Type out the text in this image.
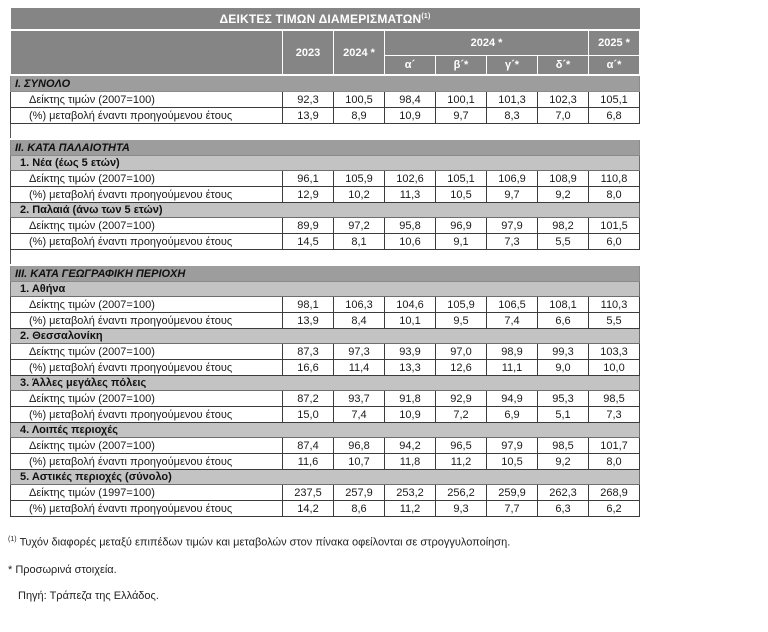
ΔΕΙΚΤΕΣ ΤΙΜΩΝ ΔΙΑΜΕΡΙΣΜΑΤΩΝ$^{(1)}$
	2023	2024 *	2024 *				2025 *
			α´	β´*	γ´*	δ´*	α´*
I. ΣΥΝΟΛΟ							
Δείκτης τιμών (2007=100)	92,3	100,5	98,4	100,1	101,3	102,3	105,1
(%) μεταβολή έναντι προηγούμενου έτους	13,9	8,9	10,9	9,7	8,3	7,0	6,8

II. ΚΑΤΑ ΠΑΛΑΙΟΤΗΤΑ							
1. Νέα (έως 5 ετών)							
Δείκτης τιμών (2007=100)	96,1	105,9	102,6	105,1	106,9	108,9	110,8
(%) μεταβολή έναντι προηγούμενου έτους	12,9	10,2	11,3	10,5	9,7	9,2	8,0
2. Παλαιά (άνω των 5 ετών)							
Δείκτης τιμών (2007=100)	89,9	97,2	95,8	96,9	97,9	98,2	101,5
(%) μεταβολή έναντι προηγούμενου έτους	14,5	8,1	10,6	9,1	7,3	5,5	6,0

III. ΚΑΤΑ ΓΕΩΓΡΑΦΙΚΗ ΠΕΡΙΟΧΗ							
1. Αθήνα							
Δείκτης τιμών (2007=100)	98,1	106,3	104,6	105,9	106,5	108,1	110,3
(%) μεταβολή έναντι προηγούμενου έτους	13,9	8,4	10,1	9,5	7,4	6,6	5,5
2. Θεσσαλονίκη							
Δείκτης τιμών (2007=100)	87,3	97,3	93,9	97,0	98,9	99,3	103,3
(%) μεταβολή έναντι προηγούμενου έτους	16,6	11,4	13,3	12,6	11,1	9,0	10,0
3. Άλλες μεγάλες πόλεις							
Δείκτης τιμών (2007=100)	87,2	93,7	91,8	92,9	94,9	95,3	98,5
(%) μεταβολή έναντι προηγούμενου έτους	15,0	7,4	10,9	7,2	6,9	5,1	7,3
4. Λοιπές περιοχές							
Δείκτης τιμών (2007=100)	87,4	96,8	94,2	96,5	97,9	98,5	101,7
(%) μεταβολή έναντι προηγούμενου έτους	11,6	10,7	11,8	11,2	10,5	9,2	8,0
5. Αστικές περιοχές (σύνολο)							
Δείκτης τιμών (1997=100)	237,5	257,9	253,2	256,2	259,9	262,3	268,9
(%) μεταβολή έναντι προηγούμενου έτους	14,2	8,6	11,2	9,3	7,7	6,3	6,2

$^{(1)}$ Τυχόν διαφορές μεταξύ επιπέδων τιμών και μεταβολών στον πίνακα οφείλονται σε στρογγυλοποίηση.

* Προσωρινά στοιχεία.

Πηγή: Τράπεζα της Ελλάδος.
